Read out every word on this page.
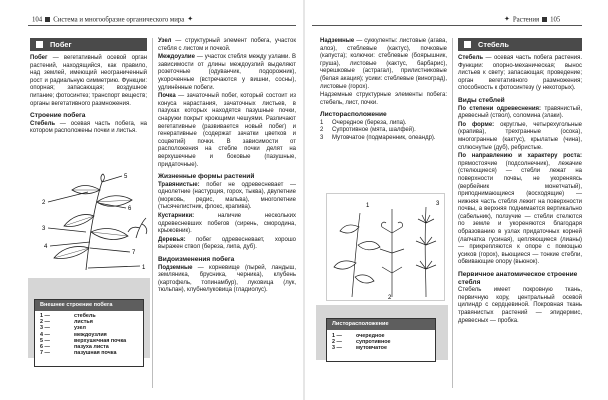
104 Система и многообразие органического мира ✦	✦ Растения 105
Побег

Побег — вегетативный осевой орган растений, находящийся, как правило, над землей, имеющий неограниченный рост и радиальную симметрию. Функции: опорная; запасающая; воздушное питание; фотосинтез; транспорт веществ; органы вегетативного размножения.

Строение побега

Стебель — осевая часть побега, на котором расположены почки и листья.

2
3
4
5
6
7
1
Внешнее строение побега
1 —	стебель
2 —	листья
3 —	узел
4 —	междоузлия
5 —	верхушечная почка
6 —	пазуха листа
7 —	пазушная почка

Узел — структурный элемент побега, участок стебля с листом и почкой.

Междоузлие — участок стебля между узлами. В зависимости от длины междоузлий выделяют розеточные (одуванчик, подорожник), укороченные (встречаются у вишни, сосны), удлинённые побеги.

Почка — зачаточный побег, который состоит из конуса нарастания, зачаточных листьев, в пазухах которых находятся пазушные почки, снаружи покрыт кроющими чешуями. Различают вегетативные (развивается новый побег) и генеративные (содержат зачатки цветков и соцветий) почки. В зависимости от расположения на стебле почки делят на верхушечные и боковые (пазушные, придаточные).

Жизненные формы растений

Травянистые: побег не одревесневает — однолетние (настурция, горох, тыква), двулетние (морковь, редис, мальва), многолетние (тысячелистник, флокс, крапива).

Кустарники: наличие нескольких одревесневших побегов (сирень, смородина, крыжовник).

Деревья: побег одревесневает, хорошо выражен ствол (береза, липа, дуб).

Видоизменения побега

Подземные — корневище (пырей, ландыш, земляника, брусника, черника), клубень (картофель, топинамбур), луковица (лук, тюльпан), клубнелуковица (гладиолус).

Надземные — суккуленты: листовые (агава, алоэ), стеблевые (кактус), почковые (капуста); колючки: стеблевые (боярышник, груша), листовые (кактус, барбарис), черешковые (астрагал), прилистниковые (белая акация); усики: стеблевые (виноград), листовые (горох).

Надземные структурные элементы побега: стебель, лист, почки.

Листорасположение
1 Очередное (береза, липа).
2 Супротивное (мята, шалфей).
3 Мутовчатое (подмаренник, олеандр).
1
2
3
Листорасположение
1 —	очередное
2 —	супротивное
3 —	мутовчатое
Стебель

Стебель — осевая часть побега растения. Функции: опорно-механическая; вынос листьев к свету; запасающая; проведение; орган вегетативного размножения; способность к фотосинтезу (у некоторых).

Виды стеблей

По степени одревеснения: травянистый, древесный (ствол), соломина (злаки).

По форме: округлые, четырехугольные (крапива), трехгранные (осока), многогранные (кактус), крылатые (чина), сплюснутые (дуб), ребристые.

По направлению и характеру роста: прямостоячие (подсолнечник), лежачие (стелющиеся) — стебли лежат на поверхности почвы, не укореняясь (вербейник монетчатый), приподнимающиеся (восходящие) — нижняя часть стебля лежит на поверхности почвы, а верхняя поднимается вертикально (сабельник), ползучие — стебли стелются по земле и укореняются благодаря образованию в узлах придаточных корней (лапчатка гусиная), цепляющиеся (лианы) — прикрепляются к опоре с помощью усиков (горох), вьющиеся — тонкие стебли, обвивающие опору (вьюнок).

Первичное анатомическое строение стебля

Стебель имеет покровную ткань, первичную кору, центральный осевой цилиндр с сердцевиной. Покровная ткань травянистых растений — эпидермис, древесных — пробка.
